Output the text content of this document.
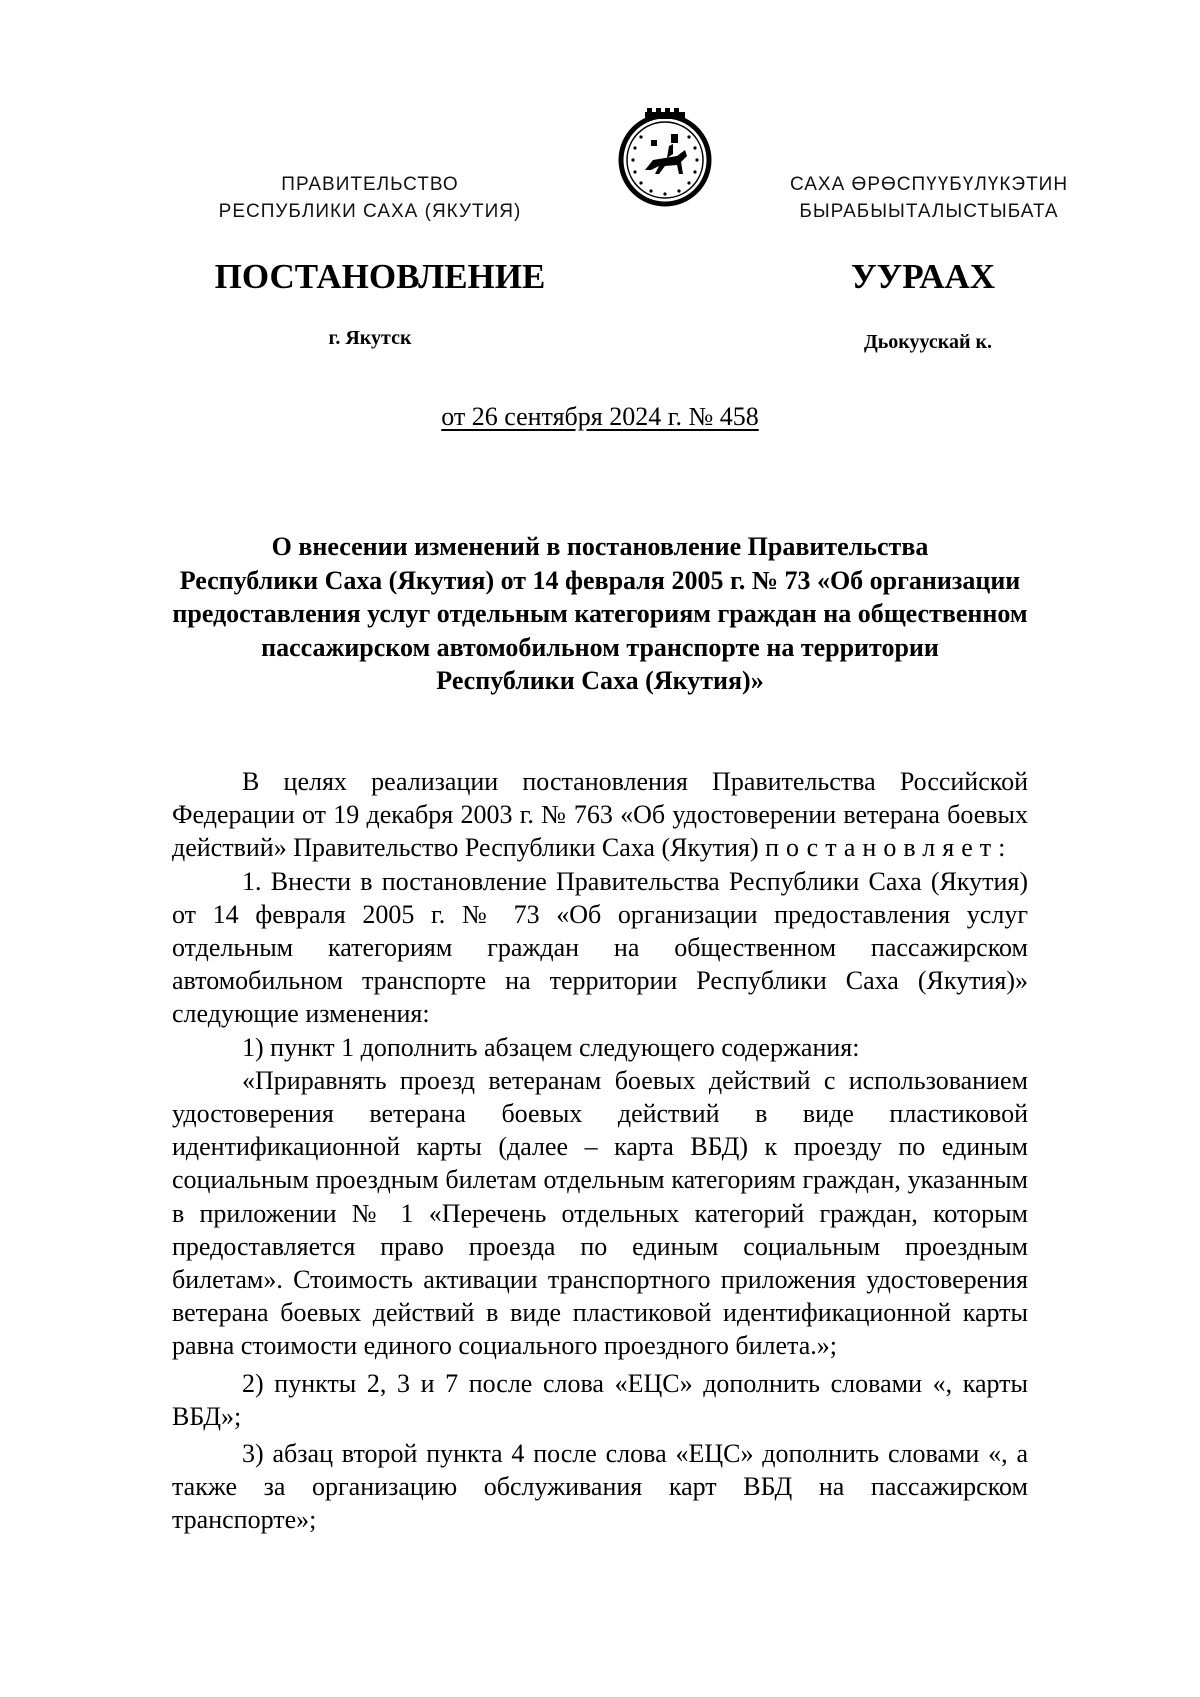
ПРАВИТЕЛЬСТВО
РЕСПУБЛИКИ САХА (ЯКУТИЯ)
САХА ӨРӨСПҮҮБҮЛҮКЭТИН
БЫРАБЫЫТАЛЫСТЫБАТА
ПОСТАНОВЛЕНИЕ	УУРААХ
г. Якутск	Дьокуускай к.
от 26 сентября 2024 г. № 458
О внесении изменений в постановление Правительства
Республики Саха (Якутия) от 14 февраля 2005 г. № 73 «Об организации
предоставления услуг отдельным категориям граждан на общественном
пассажирском автомобильном транспорте на территории
Республики Саха (Якутия)»

В целях реализации постановления Правительства Российской Федерации от 19 декабря 2003 г. № 763 «Об удостоверении ветерана боевых действий» Правительство Республики Саха (Якутия) постановляет:

1. Внести в постановление Правительства Республики Саха (Якутия) от 14 февраля 2005 г. № 73 «Об организации предоставления услуг отдельным категориям граждан на общественном пассажирском автомобильном транспорте на территории Республики Саха (Якутия)» следующие изменения:

1) пункт 1 дополнить абзацем следующего содержания:

«Приравнять проезд ветеранам боевых действий с использованием удостоверения ветерана боевых действий в виде пластиковой идентификационной карты (далее – карта ВБД) к проезду по единым социальным проездным билетам отдельным категориям граждан, указанным в приложении № 1 «Перечень отдельных категорий граждан, которым предоставляется право проезда по единым социальным проездным билетам». Стоимость активации транспортного приложения удостоверения ветерана боевых действий в виде пластиковой идентификационной карты равна стоимости единого социального проездного билета.»;

2) пункты 2, 3 и 7 после слова «ЕЦС» дополнить словами «, карты ВБД»;

3) абзац второй пункта 4 после слова «ЕЦС» дополнить словами «, а также за организацию обслуживания карт ВБД на пассажирском транспорте»;
